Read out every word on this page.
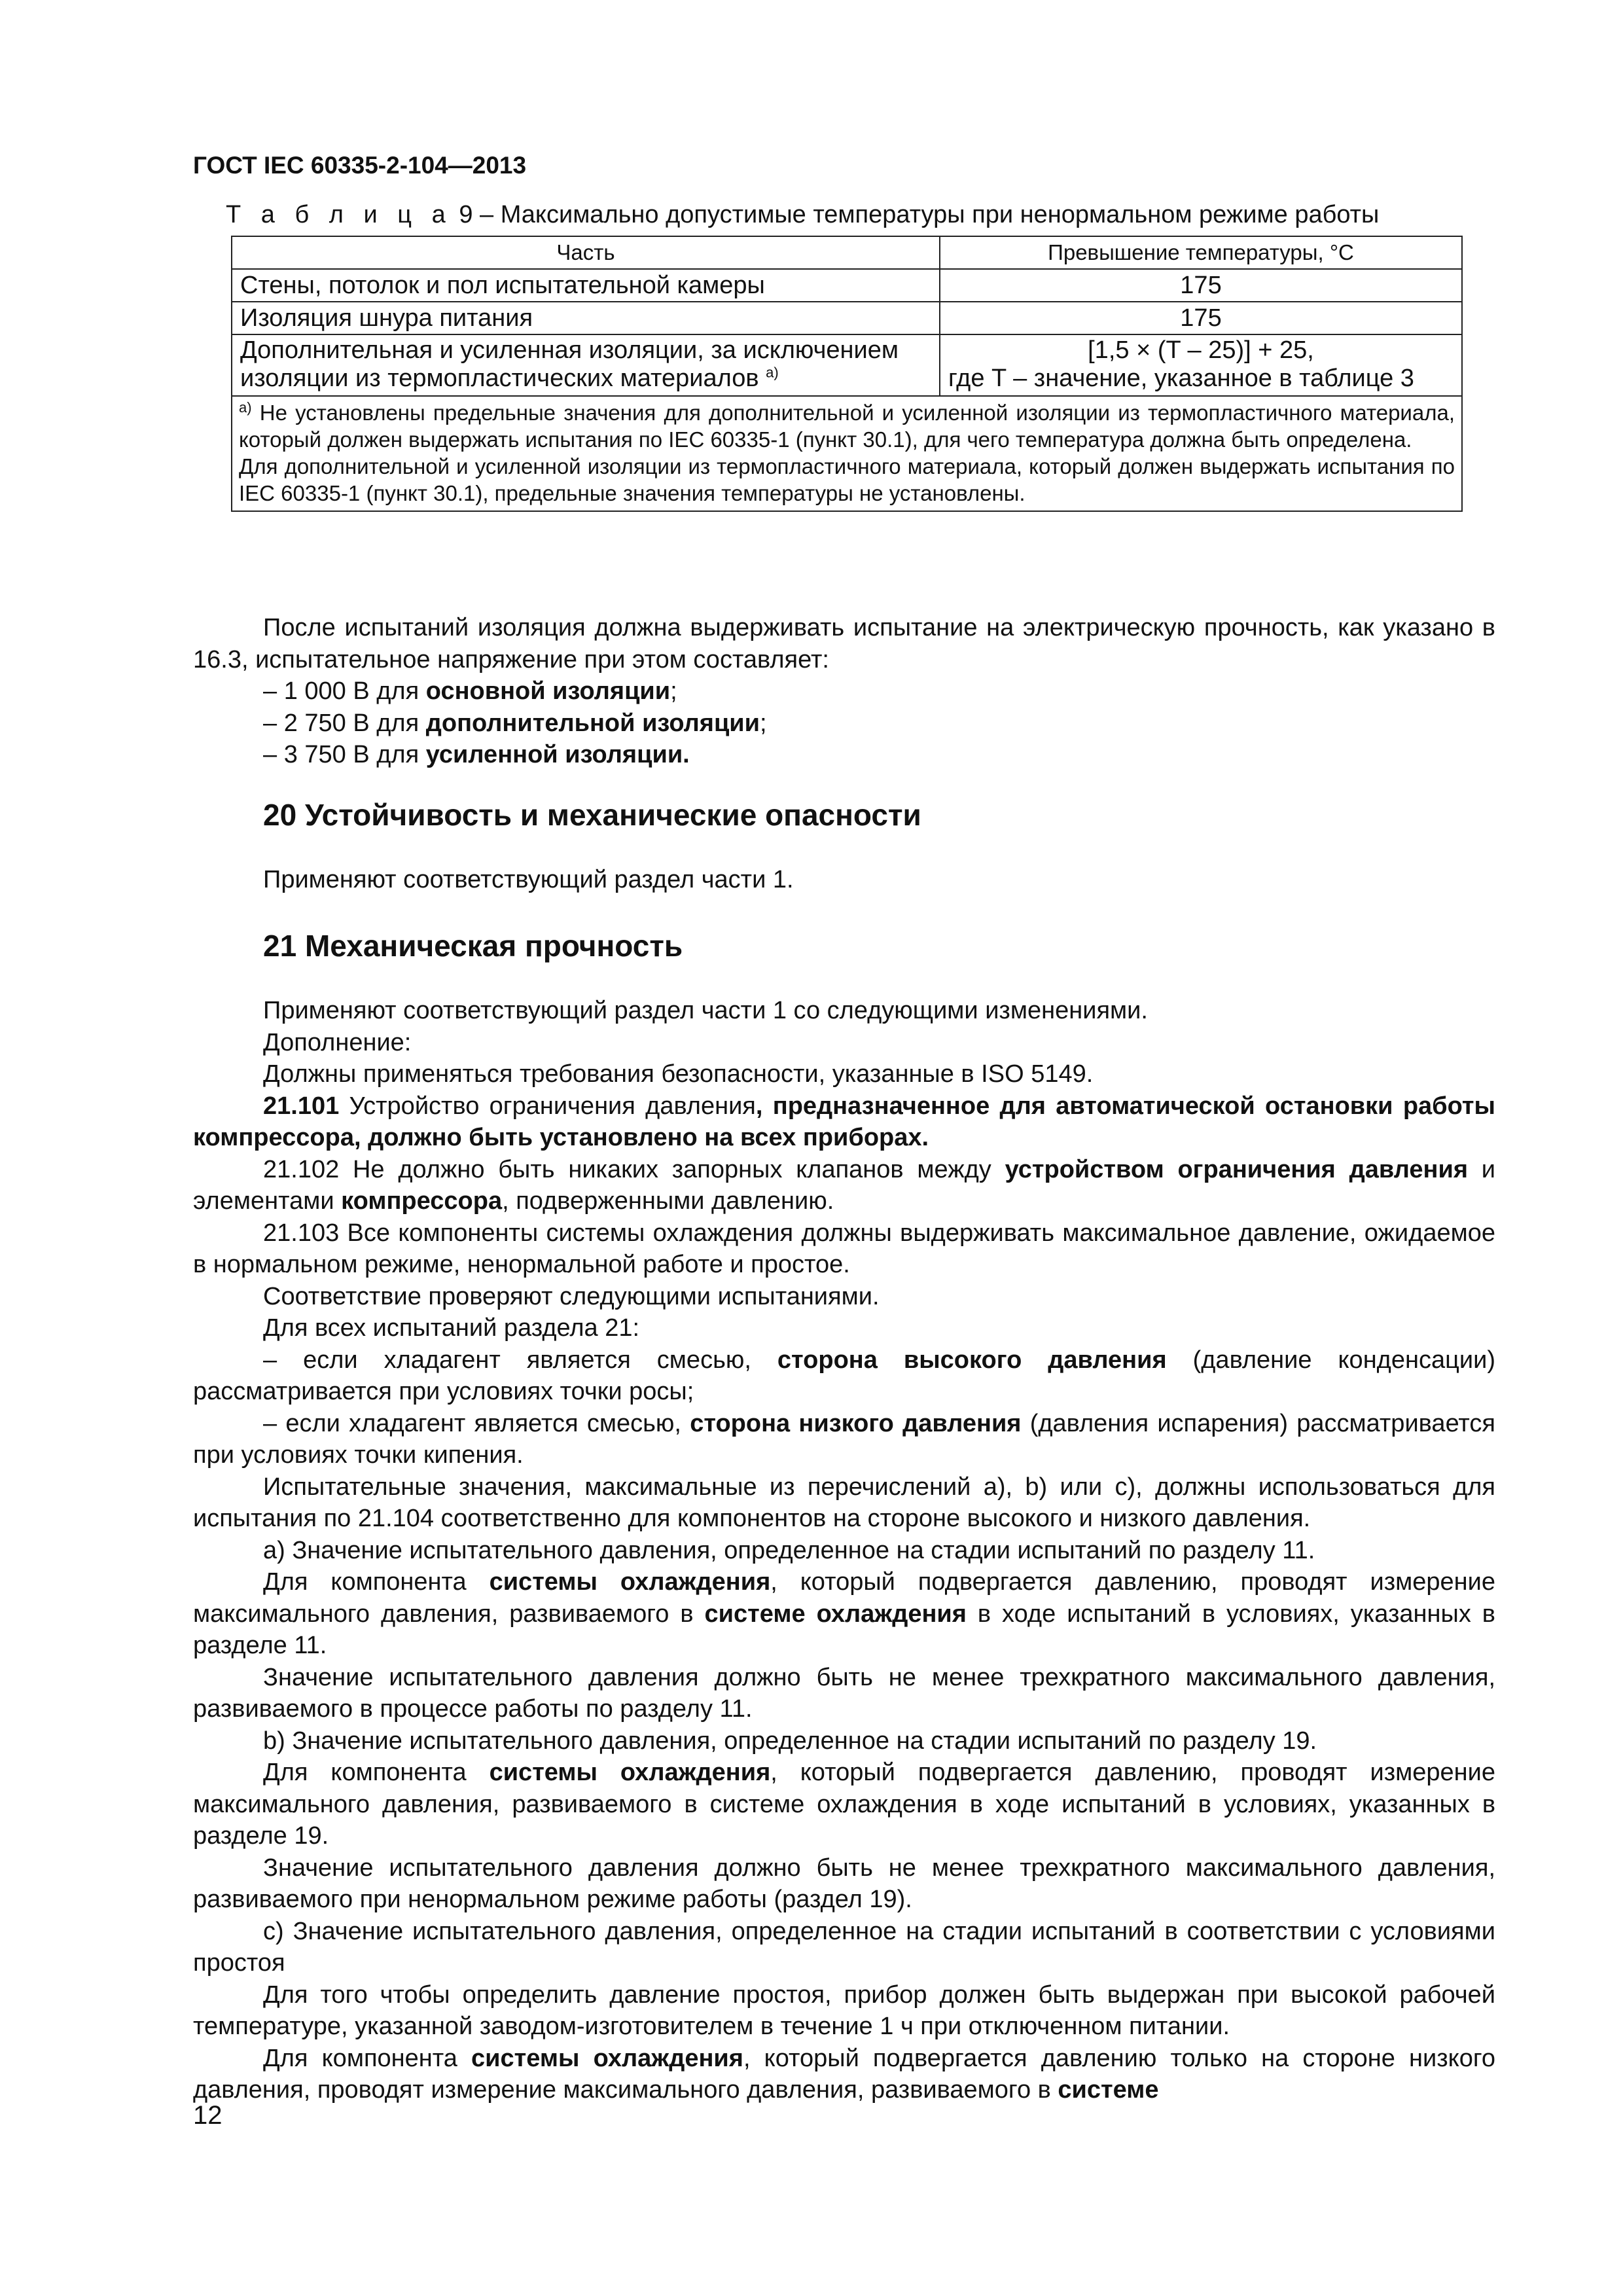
ГОСТ IEC 60335-2-104—2013

Т а б л и ц а 9 – Максимально допустимые температуры при ненормальном режиме работы

Часть	Превышение температуры, °C
Стены, потолок и пол испытательной камеры	175
Изоляция шнура питания	175
Дополнительная и усиленная изоляции, за исключением изоляции из термопластических материалов $^{a)}$	[1,5 × (T – 25)] + 25,
где T – значение, указанное в таблице 3

$^{a)}$ Не установлены предельные значения для дополнительной и усиленной изоляции из термопластичного материала, который должен выдержать испытания по IEC 60335-1 (пункт 30.1), для чего температура должна быть определена.

Для дополнительной и усиленной изоляции из термопластичного материала, который должен выдержать испытания по IEC 60335-1 (пункт 30.1), предельные значения температуры не установлены.	

После испытаний изоляция должна выдерживать испытание на электрическую прочность, как указано в 16.3, испытательное напряжение при этом составляет:

– 1 000 В для основной изоляции;

– 2 750 В для дополнительной изоляции;

– 3 750 В для усиленной изоляции.

20 Устойчивость и механические опасности

Применяют соответствующий раздел части 1.

21 Механическая прочность

Применяют соответствующий раздел части 1 со следующими изменениями.

Дополнение:

Должны применяться требования безопасности, указанные в ISO 5149.

21.101 Устройство ограничения давления, предназначенное для автоматической остановки работы компрессора, должно быть установлено на всех приборах.

21.102 Не должно быть никаких запорных клапанов между устройством ограничения давления и элементами компрессора, подверженными давлению.

21.103 Все компоненты системы охлаждения должны выдерживать максимальное давление, ожидаемое в нормальном режиме, ненормальной работе и простое.

Соответствие проверяют следующими испытаниями.

Для всех испытаний раздела 21:

– если хладагент является смесью, сторона высокого давления (давление конденсации) рассматривается при условиях точки росы;

– если хладагент является смесью, сторона низкого давления (давления испарения) рассматривается при условиях точки кипения.

Испытательные значения, максимальные из перечислений a), b) или c), должны использоваться для испытания по 21.104 соответственно для компонентов на стороне высокого и низкого давления.

a) Значение испытательного давления, определенное на стадии испытаний по разделу 11.

Для компонента системы охлаждения, который подвергается давлению, проводят измерение максимального давления, развиваемого в системе охлаждения в ходе испытаний в условиях, указанных в разделе 11.

Значение испытательного давления должно быть не менее трехкратного максимального давления, развиваемого в процессе работы по разделу 11.

b) Значение испытательного давления, определенное на стадии испытаний по разделу 19.

Для компонента системы охлаждения, который подвергается давлению, проводят измерение максимального давления, развиваемого в системе охлаждения в ходе испытаний в условиях, указанных в разделе 19.

Значение испытательного давления должно быть не менее трехкратного максимального давления, развиваемого при ненормальном режиме работы (раздел 19).

c) Значение испытательного давления, определенное на стадии испытаний в соответствии с условиями простоя

Для того чтобы определить давление простоя, прибор должен быть выдержан при высокой рабочей температуре, указанной заводом-изготовителем в течение 1 ч при отключенном питании.

Для компонента системы охлаждения, который подвергается давлению только на стороне низкого давления, проводят измерение максимального давления, развиваемого в системе

12
